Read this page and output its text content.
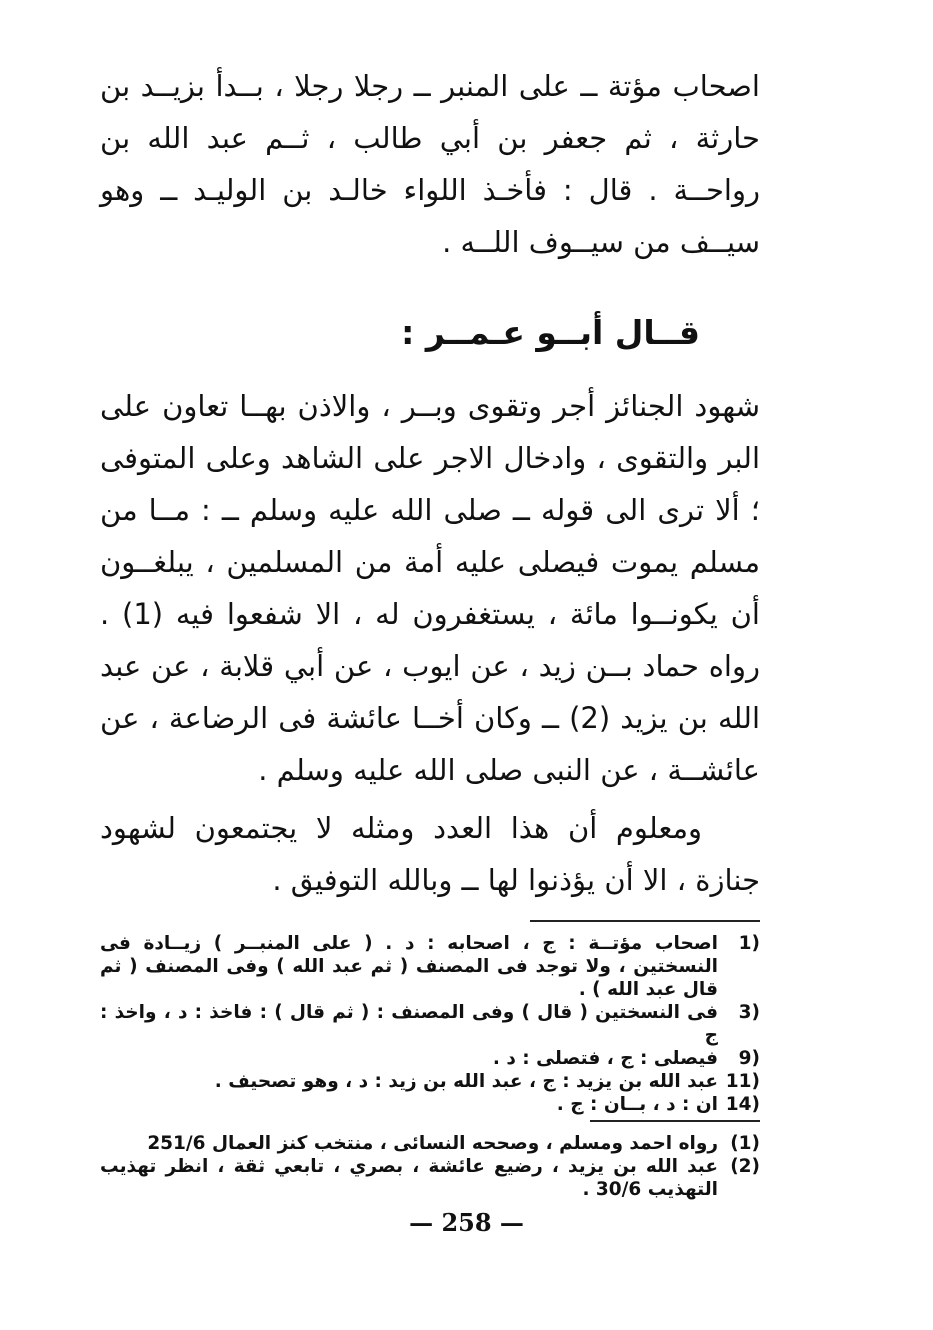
اصحاب مؤتة ــ على المنبر ــ رجلا رجلا ، بــدأ بزيــد بن حارثة ، ثم جعفر بن أبي طالب ، ثــم عبد الله بن رواحــة . قال : فأخـذ اللواء خالـد بن الوليـد ــ وهو سيــف من سيــوف اللــه .

قــال أبــو عـمــر :

شهود الجنائز أجر وتقوى وبــر ، والاذن بهــا تعاون على البر والتقوى ، وادخال الاجر على الشاهد وعلى المتوفى ؛ ألا ترى الى قوله ــ صلى الله عليه وسلم ــ : مــا من مسلم يموت فيصلى عليه أمة من المسلمين ، يبلغــون أن يكونــوا مائة ، يستغفرون له ، الا شفعوا فيه (1) . رواه حماد بــن زيد ، عن ايوب ، عن أبي قلابة ، عن عبد الله بن يزيد (2) ــ وكان أخــا عائشة فى الرضاعة ، عن عائشــة ، عن النبى صلى الله عليه وسلم .

ومعلوم أن هذا العدد ومثله لا يجتمعون لشهود جنازة ، الا أن يؤذنوا لها ــ وبالله التوفيق .

1)
اصحاب مؤتــة : ج ، اصحابه : د . ( على المنبــر ) زيــادة فى النسختين ، ولا توجد فى المصنف ( ثم عبد الله ) وفى المصنف ( ثم قال عبد الله ) .
3)
فى النسختين ( قال ) وفى المصنف : ( ثم قال ) : فاخذ : د ، واخذ : ج
9)
فيصلى : ج ، فتصلى : د .
11)
عبد الله بن يزيد : ج ، عبد الله بن زيد : د ، وهو تصحيف .
14)
ان : د ، بــان : ج .
(1)
رواه احمد ومسلم ، وصححه النسائى ، منتخب كنز العمال 251/6
(2)
عبد الله بن يزيد ، رضيع عائشة ، بصري ، تابعي ثقة ، انظر تهذيب التهذيب 30/6 .
— 258 —
